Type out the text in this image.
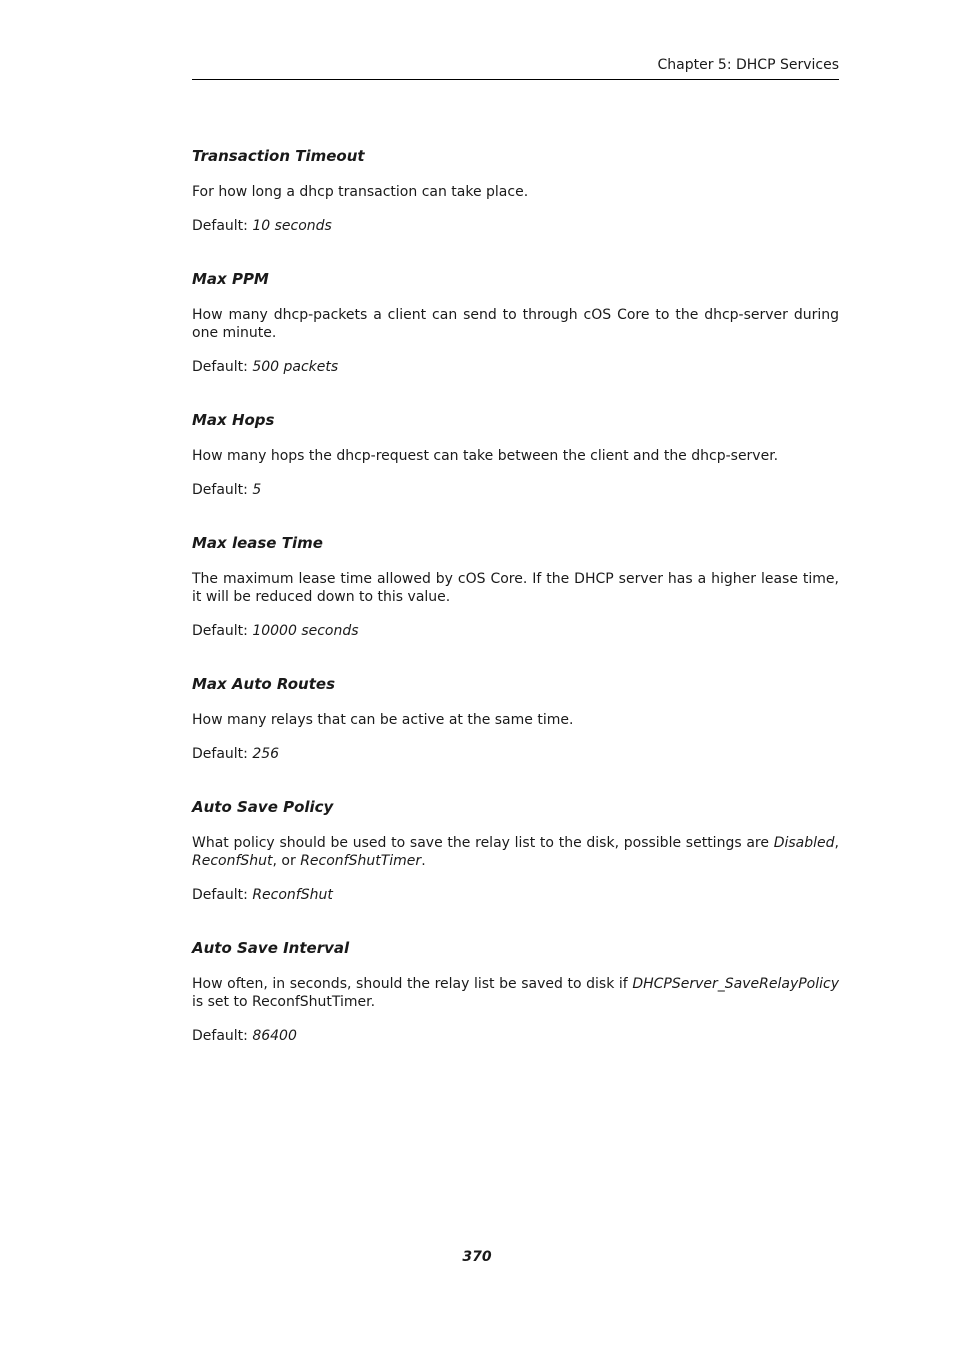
Chapter 5: DHCP Services
Transaction Timeout

For how long a dhcp transaction can take place.

Default: 10 seconds

Max PPM

How many dhcp-packets a client can send to through cOS Core to the dhcp-server during one minute.

Default: 500 packets

Max Hops

How many hops the dhcp-request can take between the client and the dhcp-server.

Default: 5

Max lease Time

The maximum lease time allowed by cOS Core. If the DHCP server has a higher lease time, it will be reduced down to this value.

Default: 10000 seconds

Max Auto Routes

How many relays that can be active at the same time.

Default: 256

Auto Save Policy

What policy should be used to save the relay list to the disk, possible settings are Disabled, ReconfShut, or ReconfShutTimer.

Default: ReconfShut

Auto Save Interval

How often, in seconds, should the relay list be saved to disk if DHCPServer_SaveRelayPolicy is set to ReconfShutTimer.

Default: 86400

370
